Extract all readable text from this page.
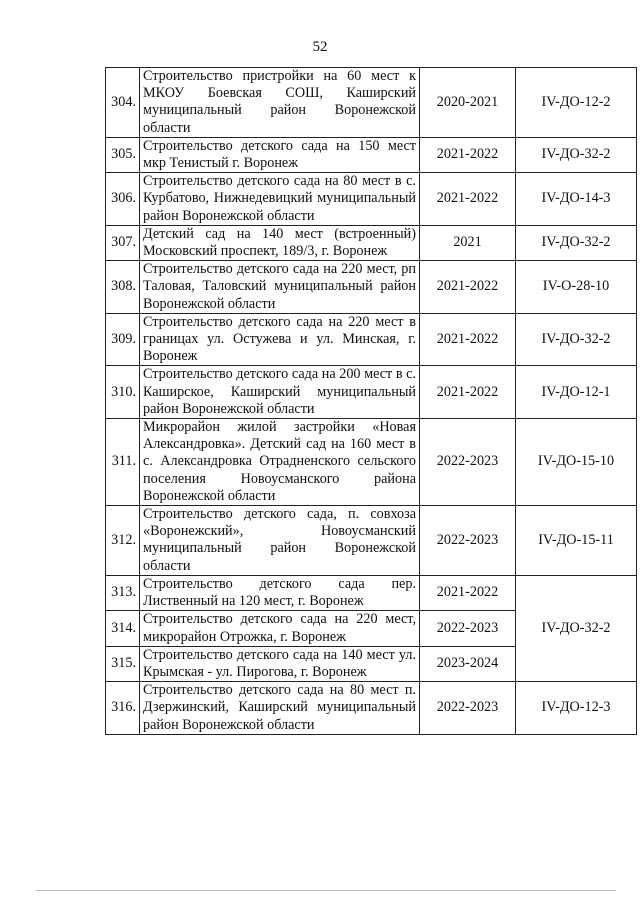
52
304.	Строительство пристройки на 60 мест к МКОУ Боевская СОШ, Каширский муниципальный район Воронежской области	2020-2021	IV-ДО-12-2
305.	Строительство детского сада на 150 мест мкр Тенистый г. Воронеж	2021-2022	IV-ДО-32-2
306.	Строительство детского сада на 80 мест в с. Курбатово, Нижнедевицкий муниципальный район Воронежской области	2021-2022	IV-ДО-14-3
307.	Детский сад на 140 мест (встроенный) Московский проспект, 189/3, г. Воронеж	2021	IV-ДО-32-2
308.	Строительство детского сада на 220 мест, рп Таловая, Таловский муниципальный район Воронежской области	2021-2022	IV-О-28-10
309.	Строительство детского сада на 220 мест в границах ул. Остужева и ул. Минская, г. Воронеж	2021-2022	IV-ДО-32-2
310.	Строительство детского сада на 200 мест в с. Каширское, Каширский муниципальный район Воронежской области	2021-2022	IV-ДО-12-1
311.	Микрорайон жилой застройки «Новая Александровка». Детский сад на 160 мест в с. Александровка Отрадненского сельского поселения Новоусманского района Воронежской области	2022-2023	IV-ДО-15-10
312.	Строительство детского сада, п. совхоза «Воронежский», Новоусманский муниципальный район Воронежской области	2022-2023	IV-ДО-15-11
313.	Строительство детского сада пер. Лиственный на 120 мест, г. Воронеж	2021-2022	IV-ДО-32-2
314.	Строительство детского сада на 220 мест, микрорайон Отрожка, г. Воронеж	2022-2023	
315.	Строительство детского сада на 140 мест ул. Крымская - ул. Пирогова, г. Воронеж	2023-2024	
316.	Строительство детского сада на 80 мест п. Дзержинский, Каширский муниципальный район Воронежской области	2022-2023	IV-ДО-12-3
